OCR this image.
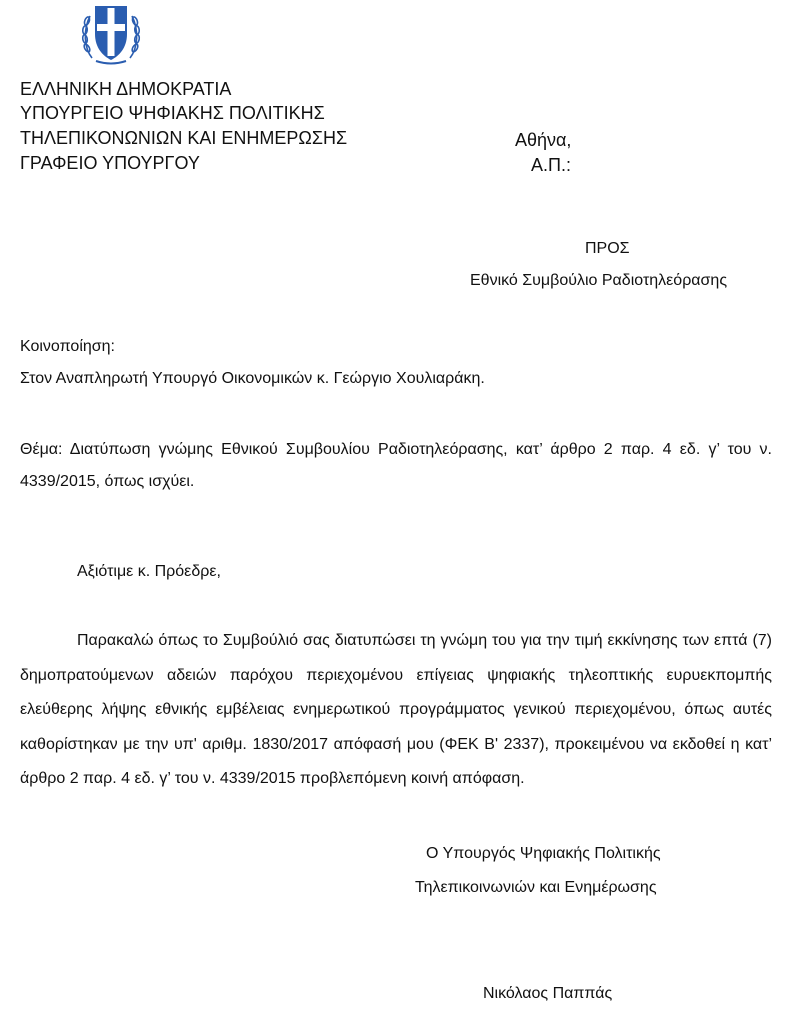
ΕΛΛΗΝΙΚΗ ΔΗΜΟΚΡΑΤΙΑ
ΥΠΟΥΡΓΕΙΟ ΨΗΦΙΑΚΗΣ ΠΟΛΙΤΙΚΗΣ
ΤΗΛΕΠΙΚΟΝΩΝΙΩΝ ΚΑΙ ΕΝΗΜΕΡΩΣΗΣ
ΓΡΑΦΕΙΟ ΥΠΟΥΡΓΟΥ
Αθήνα,
Α.Π.:
ΠΡΟΣ
Εθνικό Συμβούλιο Ραδιοτηλεόρασης
Κοινοποίηση:
Στον Αναπληρωτή Υπουργό Οικονομικών κ. Γεώργιο Χουλιαράκη.
Θέμα: Διατύπωση γνώμης Εθνικού Συμβουλίου Ραδιοτηλεόρασης, κατ’ άρθρο 2 παρ. 4 εδ. γ’ του ν. 4339/2015, όπως ισχύει.
Αξιότιμε κ. Πρόεδρε,
Παρακαλώ όπως το Συμβούλιό σας διατυπώσει τη γνώμη του για την τιμή εκκίνησης των επτά (7) δημοπρατούμενων αδειών παρόχου περιεχομένου επίγειας ψηφιακής τηλεοπτικής ευρυεκπομπής ελεύθερης λήψης εθνικής εμβέλειας ενημερωτικού προγράμματος γενικού περιεχομένου, όπως αυτές καθορίστηκαν με την υπ' αριθμ. 1830/2017 απόφασή μου (ΦΕΚ Β' 2337), προκειμένου να εκδοθεί η κατ’ άρθρο 2 παρ. 4 εδ. γ’ του ν. 4339/2015 προβλεπόμενη κοινή απόφαση.
Ο Υπουργός Ψηφιακής Πολιτικής
Τηλεπικοινωνιών και Ενημέρωσης
Νικόλαος Παππάς
